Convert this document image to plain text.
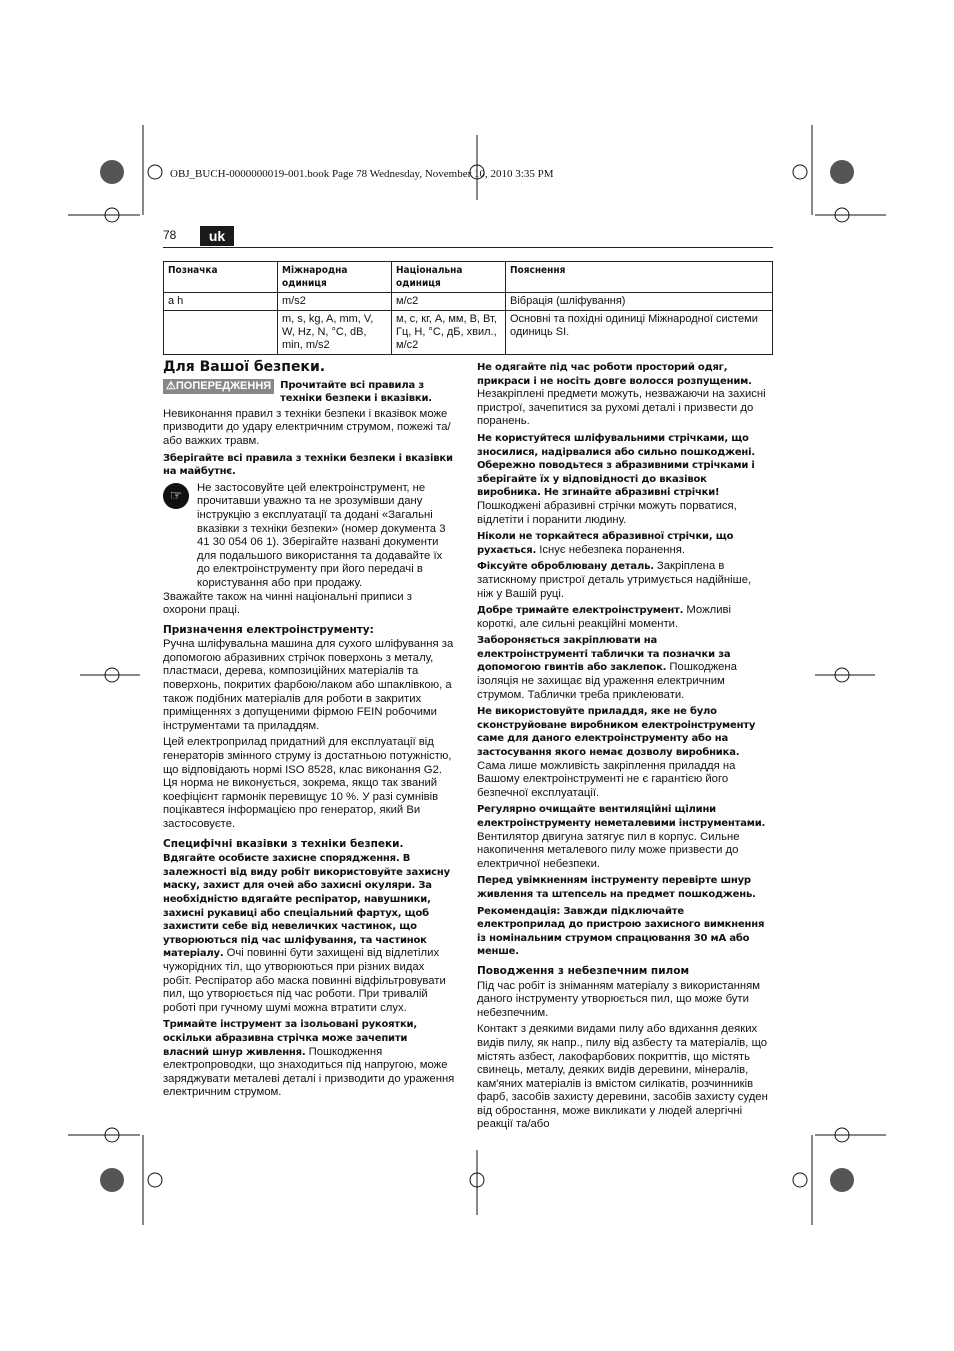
OBJ_BUCH-0000000019-001.book Page 78 Wednesday, November 10, 2010 3:35 PM
78	uk
Позначка	Міжнародна одиниця	Національна одиниця	Пояснення
a h	m/s2	м/с2	Вібрація (шліфування)
	m, s, kg, A, mm, V, W, Hz, N, °C, dB, min, m/s2	м, с, кг, А, мм, В, Вт, Гц, Н, °C, дБ, хвил., м/с2	Основні та похідні одиниці Міжнародної системи одиниць SI.
Для Вашої безпеки.
⚠ПОПЕРЕДЖЕННЯ Прочитайте всі правила з техніки безпеки і вказівки.

Невиконання правил з техніки безпеки і вказівок може призводити до удару електричним струмом, пожежі та/або важких травм.

Зберігайте всі правила з техніки безпеки і вказівки на майбутнє.

☞	Не застосовуйте цей електроінструмент, не прочитавши уважно та не зрозумівши дану інструкцію з експлуатації та додані «Загальні вказівки з техніки безпеки» (номер документа 3 41 30 054 06 1). Зберігайте названі документи для подальшого використання та додавайте їх до електроінструменту при його передачі в користування або при продажу.

Зважайте також на чинні національні приписи з охорони праці.

Призначення електроінструменту:

Ручна шліфувальна машина для сухого шліфування за допомогою абразивних стрічок поверхонь з металу, пластмаси, дерева, композиційних матеріалів та поверхонь, покритих фарбою/лаком або шпаклівкою, а також подібних матеріалів для роботи в закритих приміщеннях з допущеними фірмою FEIN робочими інструментами та приладдям.

Цей електроприлад придатний для експлуатації від генераторів змінного струму із достатньою потужністю, що відповідають нормі ISO 8528, клас виконання G2. Ця норма не виконується, зокрема, якщо так званий коефіцієнт гармонік перевищує 10 %. У разі сумнівів поцікавтеся інформацією про генератор, який Ви застосовуєте.

Специфічні вказівки з техніки безпеки.

Вдягайте особисте захисне спорядження. В залежності від виду робіт використовуйте захисну маску, захист для очей або захисні окуляри. За необхідністю вдягайте респіратор, навушники, захисні рукавиці або спеціальний фартух, щоб захистити себе від невеличких частинок, що утворюються під час шліфування, та частинок матеріалу. Очі повинні бути захищені від відлетілих чужорідних тіл, що утворюються при різних видах робіт. Респіратор або маска повинні відфільтровувати пил, що утворюється під час роботи. При тривалій роботі при гучному шумі можна втратити слух.

Тримайте інструмент за ізольовані рукоятки, оскільки абразивна стрічка може зачепити власний шнур живлення. Пошкодження електропроводки, що знаходиться під напругою, може заряджувати металеві деталі і призводити до ураження електричним струмом.

Не одягайте під час роботи просторий одяг, прикраси і не носіть довге волосся розпущеним. Незакріплені предмети можуть, незважаючи на захисні пристрої, зачепитися за рухомі деталі і призвести до поранень.

Не користуйтеся шліфувальними стрічками, що зносилися, надірвалися або сильно пошкоджені. Обережно поводьтеся з абразивними стрічками і зберігайте їх у відповідності до вказівок виробника. Не згинайте абразивні стрічки! Пошкоджені абразивні стрічки можуть порватися, відлетіти і поранити людину.

Ніколи не торкайтеся абразивної стрічки, що рухається. Існує небезпека поранення.

Фіксуйте оброблювану деталь. Закріплена в затискному пристрої деталь утримується надійніше, ніж у Вашій руці.

Добре тримайте електроінструмент. Можливі короткі, але сильні реакційні моменти.

Забороняється закріплювати на електроінструменті таблички та позначки за допомогою гвинтів або заклепок. Пошкоджена ізоляція не захищає від ураження електричним струмом. Таблички треба приклеювати.

Не використовуйте приладдя, яке не було сконструйоване виробником електроінструменту саме для даного електроінструменту або на застосування якого немає дозволу виробника. Сама лише можливість закріплення приладдя на Вашому електроінструменті не є гарантією його безпечної експлуатації.

Регулярно очищайте вентиляційні щілини електроінструменту неметалевими інструментами. Вентилятор двигуна затягує пил в корпус. Сильне накопичення металевого пилу може призвести до електричної небезпеки.

Перед увімкненням інструменту перевірте шнур живлення та штепсель на предмет пошкоджень.

Рекомендація: Завжди підключайте електроприлад до пристрою захисного вимкнення із номінальним струмом спрацювання 30 мА або менше.

Поводження з небезпечним пилом

Під час робіт із зніманням матеріалу з використанням даного інструменту утворюється пил, що може бути небезпечним.

Контакт з деякими видами пилу або вдихання деяких видів пилу, як напр., пилу від азбесту та матеріалів, що містять азбест, лакофарбових покриттів, що містять свинець, металу, деяких видів деревини, мінералів, кам'яних матеріалів із вмістом силікатів, розчинників фарб, засобів захисту деревини, засобів захисту суден від обростання, може викликати у людей алергічні реакції та/або
